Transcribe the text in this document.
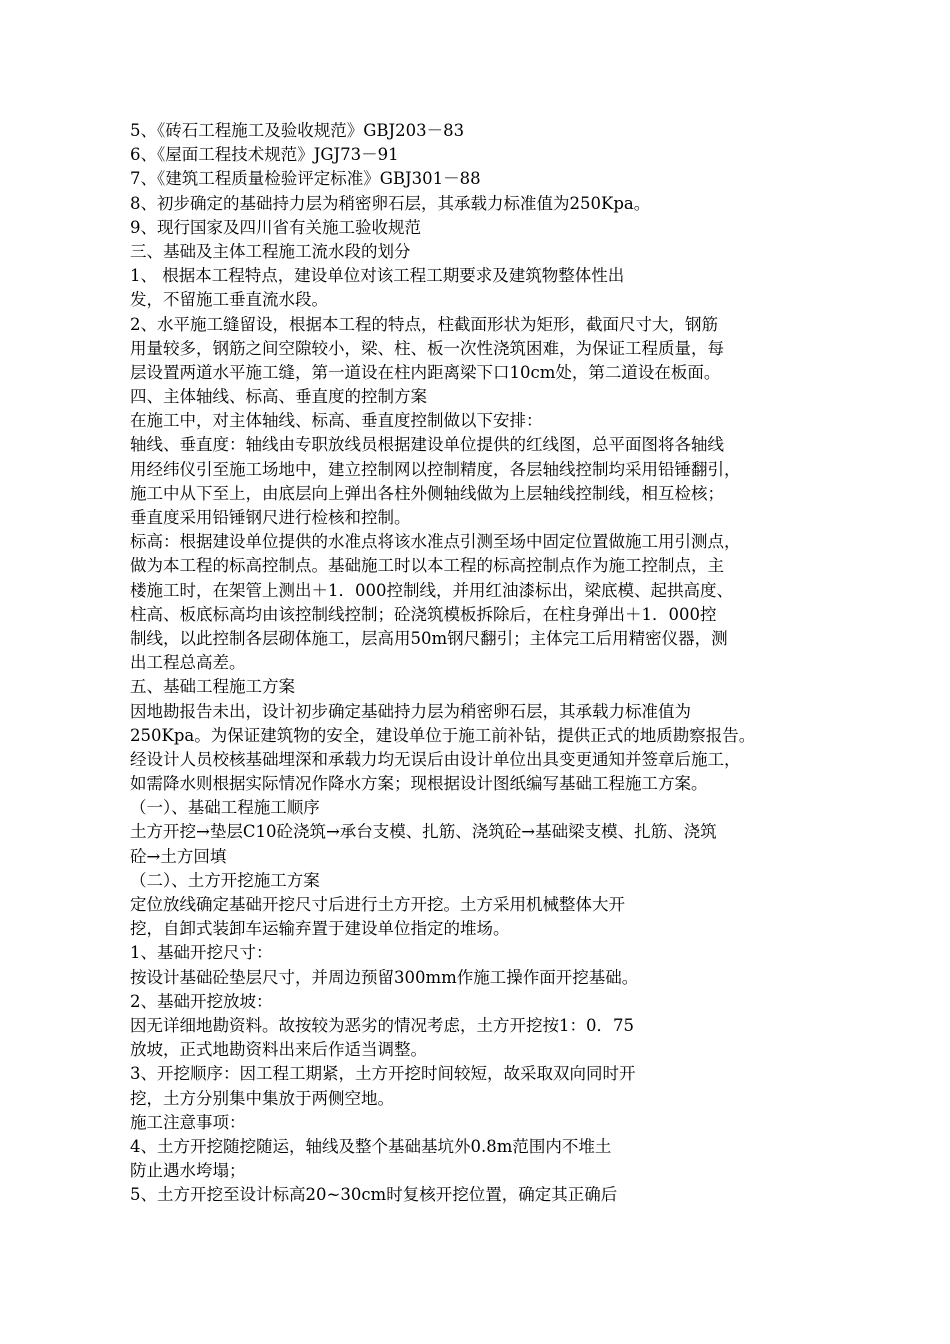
5、《砖石工程施工及验收规范》GBJ203－83
6、《屋面工程技术规范》JGJ73－91
7、《建筑工程质量检验评定标准》GBJ301－88
8、初步确定的基础持力层为稍密卵石层，其承载力标准值为250Kpa。
9、现行国家及四川省有关施工验收规范
三、基础及主体工程施工流水段的划分
1、 根据本工程特点，建设单位对该工程工期要求及建筑物整体性出
发，不留施工垂直流水段。
2、水平施工缝留设，根据本工程的特点，柱截面形状为矩形，截面尺寸大，钢筋
用量较多，钢筋之间空隙较小，梁、柱、板一次性浇筑困难，为保证工程质量，每
层设置两道水平施工缝，第一道设在柱内距离梁下口10cm处，第二道设在板面。
四、主体轴线、标高、垂直度的控制方案
在施工中，对主体轴线、标高、垂直度控制做以下安排：
轴线、垂直度：轴线由专职放线员根据建设单位提供的红线图，总平面图将各轴线
用经纬仪引至施工场地中，建立控制网以控制精度，各层轴线控制均采用铅锤翻引，
施工中从下至上，由底层向上弹出各柱外侧轴线做为上层轴线控制线，相互检核；
垂直度采用铅锤钢尺进行检核和控制。
标高：根据建设单位提供的水准点将该水准点引测至场中固定位置做施工用引测点，
做为本工程的标高控制点。基础施工时以本工程的标高控制点作为施工控制点，主
楼施工时，在架管上测出＋1．000控制线，并用红油漆标出，梁底模、起拱高度、
柱高、板底标高均由该控制线控制；砼浇筑模板拆除后，在柱身弹出＋1．000控
制线，以此控制各层砌体施工，层高用50m钢尺翻引；主体完工后用精密仪器，测
出工程总高差。
五、基础工程施工方案
因地勘报告未出，设计初步确定基础持力层为稍密卵石层，其承载力标准值为
250Kpa。为保证建筑物的安全，建设单位于施工前补钻，提供正式的地质勘察报告。
经设计人员校核基础埋深和承载力均无误后由设计单位出具变更通知并签章后施工，
如需降水则根据实际情况作降水方案；现根据设计图纸编写基础工程施工方案。
（一）、基础工程施工顺序
土方开挖→垫层C10砼浇筑→承台支模、扎筋、浇筑砼→基础梁支模、扎筋、浇筑
砼→土方回填
（二）、土方开挖施工方案
定位放线确定基础开挖尺寸后进行土方开挖。土方采用机械整体大开
挖，自卸式装卸车运输弃置于建设单位指定的堆场。
1、基础开挖尺寸：
按设计基础砼垫层尺寸，并周边预留300mm作施工操作面开挖基础。
2、基础开挖放坡：
因无详细地勘资料。故按较为恶劣的情况考虑，土方开挖按1：0．75
放坡，正式地勘资料出来后作适当调整。
3、开挖顺序：因工程工期紧，土方开挖时间较短，故采取双向同时开
挖，土方分别集中集放于两侧空地。
施工注意事项：
4、土方开挖随挖随运，轴线及整个基础基坑外0.8m范围内不堆土
防止遇水垮塌；
5、土方开挖至设计标高20~30cm时复核开挖位置，确定其正确后
